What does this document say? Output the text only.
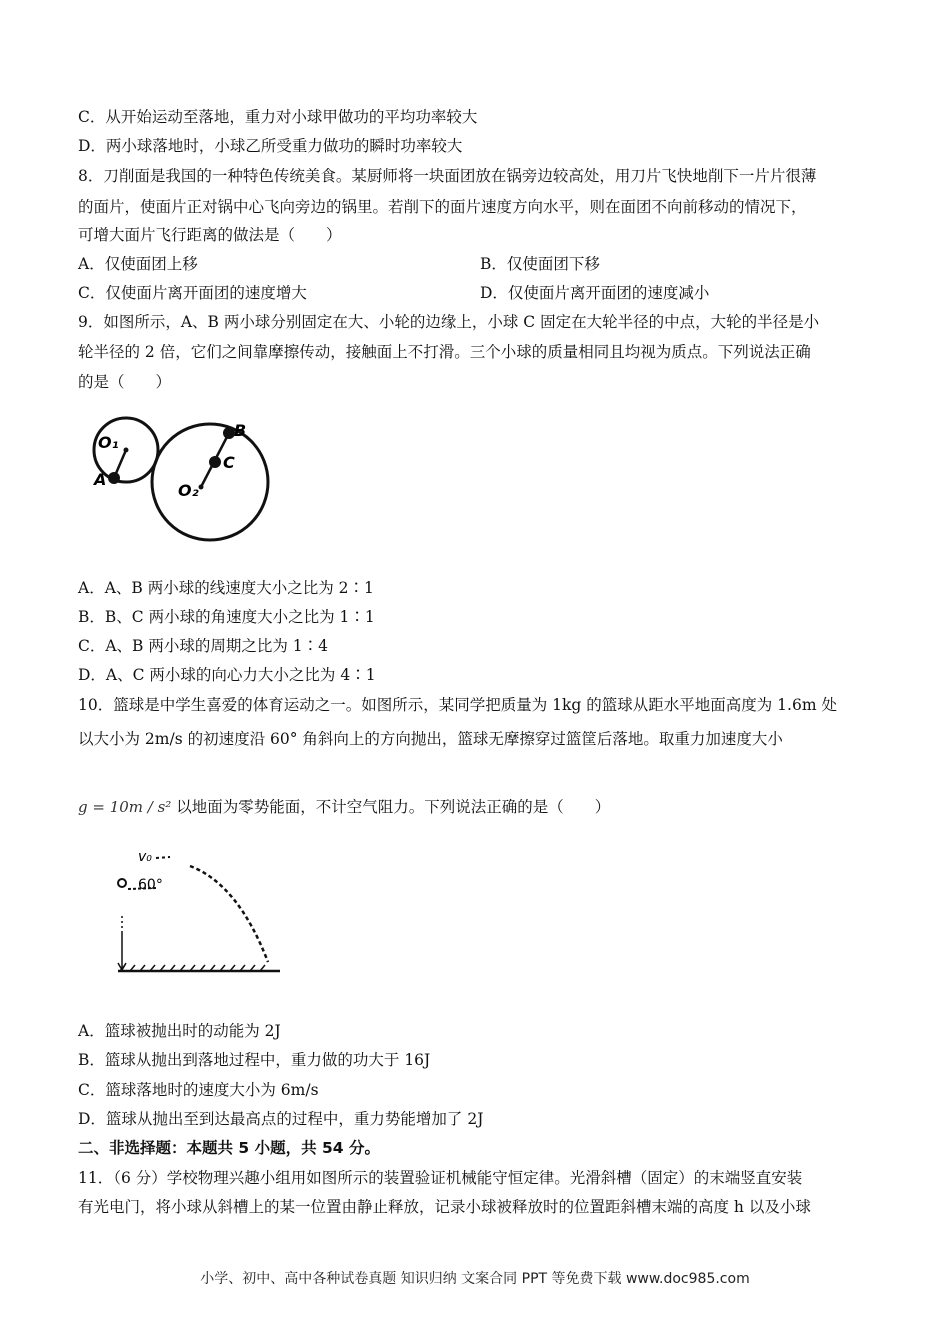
C．从开始运动至落地，重力对小球甲做功的平均功率较大
D．两小球落地时，小球乙所受重力做功的瞬时功率较大
8．刀削面是我国的一种特色传统美食。某厨师将一块面团放在锅旁边较高处，用刀片飞快地削下一片片很薄
的面片，使面片正对锅中心飞向旁边的锅里。若削下的面片速度方向水平，则在面团不向前移动的情况下，
可增大面片飞行距离的做法是（　　）
A．仅使面团上移	B．仅使面团下移
C．仅使面片离开面团的速度增大	D．仅使面片离开面团的速度减小
9．如图所示，A、B 两小球分别固定在大、小轮的边缘上，小球 C 固定在大轮半径的中点，大轮的半径是小
轮半径的 2 倍，它们之间靠摩擦传动，接触面上不打滑。三个小球的质量相同且均视为质点。下列说法正确
的是（　　）
O₁
A
B
C
O₂
A．A、B 两小球的线速度大小之比为 2∶1
B．B、C 两小球的角速度大小之比为 1∶1
C．A、B 两小球的周期之比为 1∶4
D．A、C 两小球的向心力大小之比为 4∶1
10．篮球是中学生喜爱的体育运动之一。如图所示，某同学把质量为 1kg 的篮球从距水平地面高度为 1.6m 处
以大小为 2m/s 的初速度沿 60° 角斜向上的方向抛出，篮球无摩擦穿过篮筐后落地。取重力加速度大小
g = 10m / s² 以地面为零势能面，不计空气阻力。下列说法正确的是（　　）
v₀
60°
A．篮球被抛出时的动能为 2J
B．篮球从抛出到落地过程中，重力做的功大于 16J
C．篮球落地时的速度大小为 6m/s
D．篮球从抛出至到达最高点的过程中，重力势能增加了 2J
二、非选择题：本题共 5 小题，共 54 分。
11．（6 分）学校物理兴趣小组用如图所示的装置验证机械能守恒定律。光滑斜槽（固定）的末端竖直安装
有光电门，将小球从斜槽上的某一位置由静止释放，记录小球被释放时的位置距斜槽末端的高度 h 以及小球
小学、初中、高中各种试卷真题 知识归纳 文案合同 PPT 等免费下载 www.doc985.com
